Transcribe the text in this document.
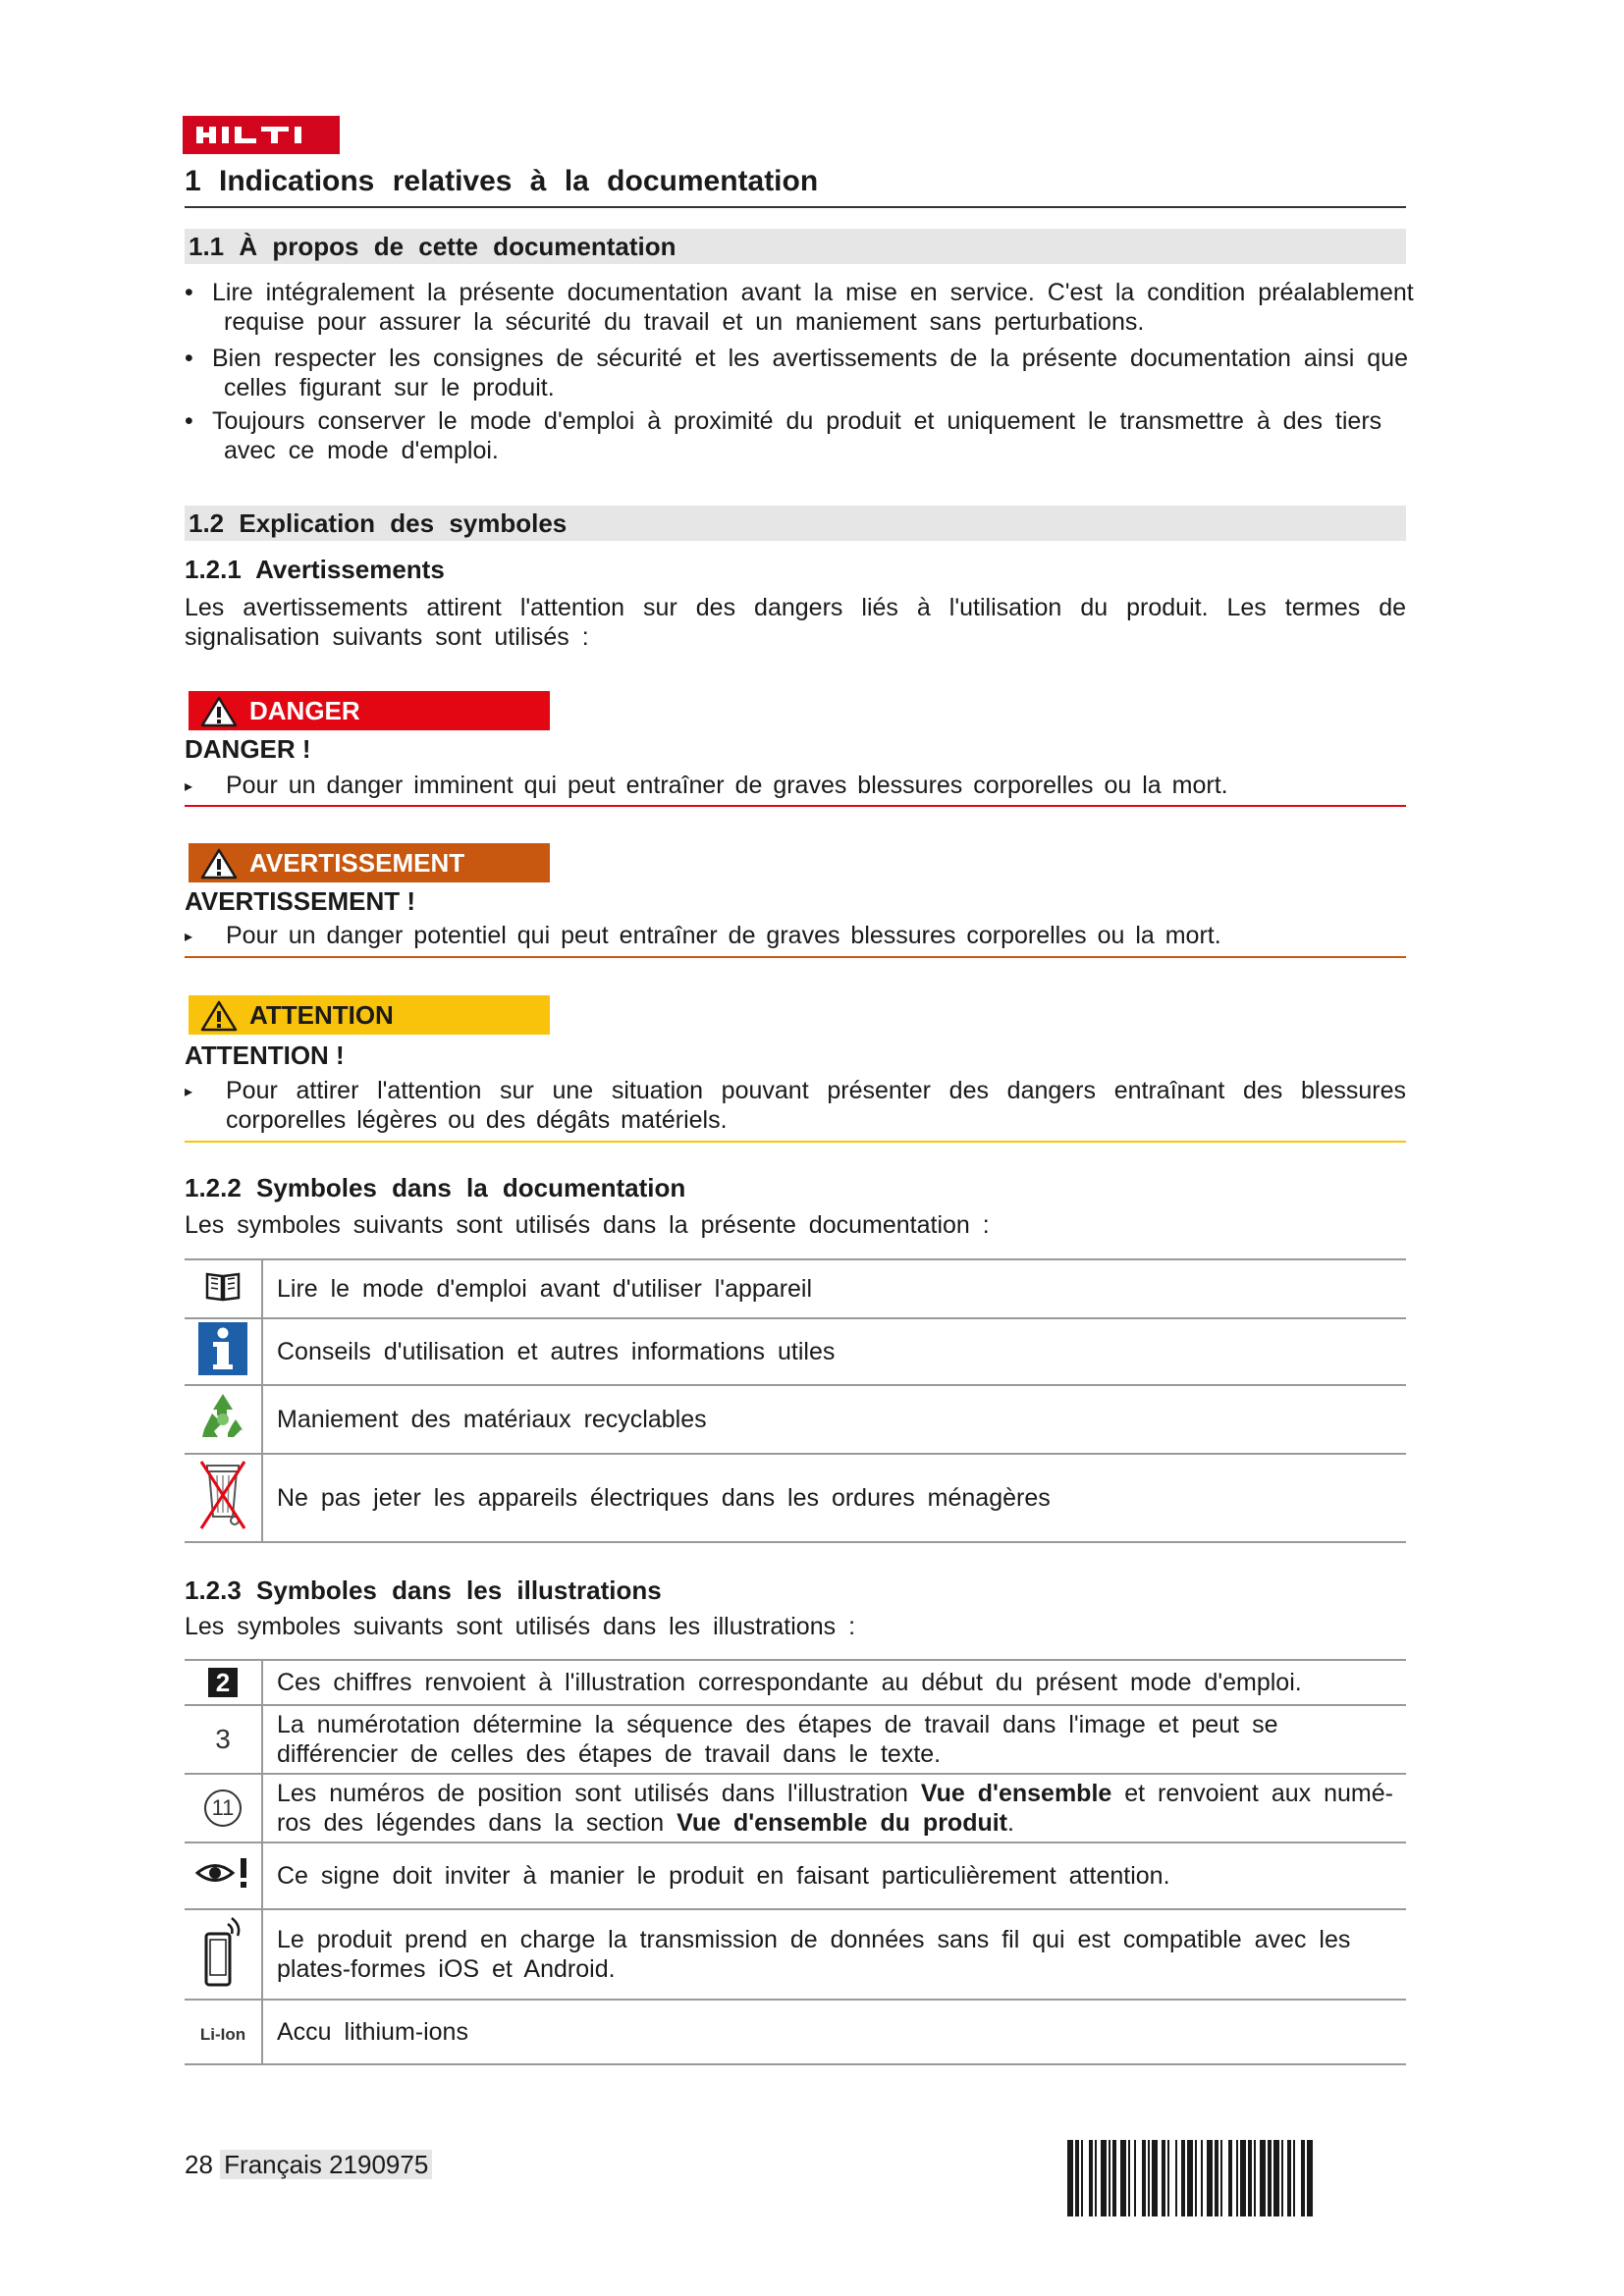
1 Indications relatives à la documentation
1.1 À propos de cette documentation
• Lire intégralement la présente documentation avant la mise en service. C'est la condition préalablement
requise pour assurer la sécurité du travail et un maniement sans perturbations.
• Bien respecter les consignes de sécurité et les avertissements de la présente documentation ainsi que
celles figurant sur le produit.
• Toujours conserver le mode d'emploi à proximité du produit et uniquement le transmettre à des tiers
avec ce mode d'emploi.
1.2 Explication des symboles
1.2.1 Avertissements
Les avertissements attirent l'attention sur des dangers liés à l'utilisation du produit. Les termes de signalisation suivants sont utilisés :
DANGER
DANGER !
▸	Pour un danger imminent qui peut entraîner de graves blessures corporelles ou la mort.
AVERTISSEMENT
AVERTISSEMENT !
▸	Pour un danger potentiel qui peut entraîner de graves blessures corporelles ou la mort.
ATTENTION
ATTENTION !
▸	Pour attirer l'attention sur une situation pouvant présenter des dangers entraînant des blessures corporelles légères ou des dégâts matériels.
1.2.2 Symboles dans la documentation
Les symboles suivants sont utilisés dans la présente documentation :
	Lire le mode d'emploi avant d'utiliser l'appareil
	Conseils d'utilisation et autres informations utiles
	Maniement des matériaux recyclables
	Ne pas jeter les appareils électriques dans les ordures ménagères
1.2.3 Symboles dans les illustrations
Les symboles suivants sont utilisés dans les illustrations :
2	Ces chiffres renvoient à l'illustration correspondante au début du présent mode d'emploi.
3	La numérotation détermine la séquence des étapes de travail dans l'image et peut se différencier de celles des étapes de travail dans le texte.
11	Les numéros de position sont utilisés dans l'illustration Vue d'ensemble et renvoient aux numé-ros des légendes dans la section Vue d'ensemble du produit.
	Ce signe doit inviter à manier le produit en faisant particulièrement attention.
	Le produit prend en charge la transmission de données sans fil qui est compatible avec les plates-formes iOS et Android.
Li-Ion	Accu lithium-ions
28 Français 2190975
